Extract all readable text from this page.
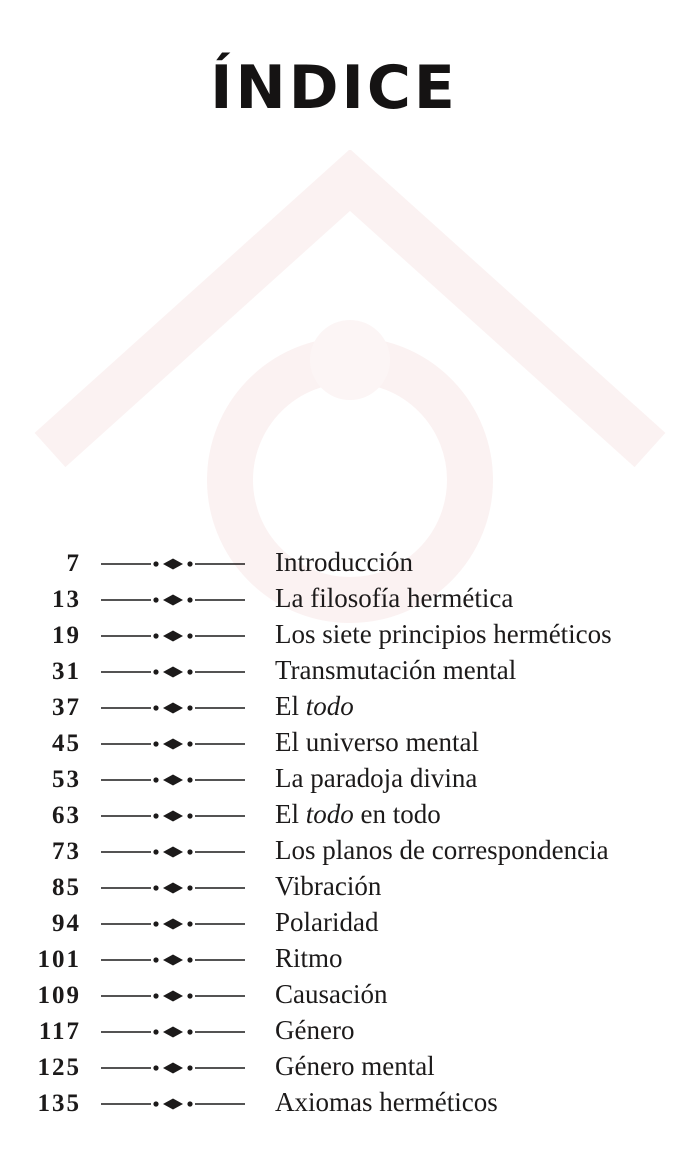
ÍNDICE
7	Introducción
13	La filosofía hermética
19	Los siete principios herméticos
31	Transmutación mental
37	El todo
45	El universo mental
53	La paradoja divina
63	El todo en todo
73	Los planos de correspondencia
85	Vibración
94	Polaridad
101	Ritmo
109	Causación
117	Género
125	Género mental
135	Axiomas herméticos
